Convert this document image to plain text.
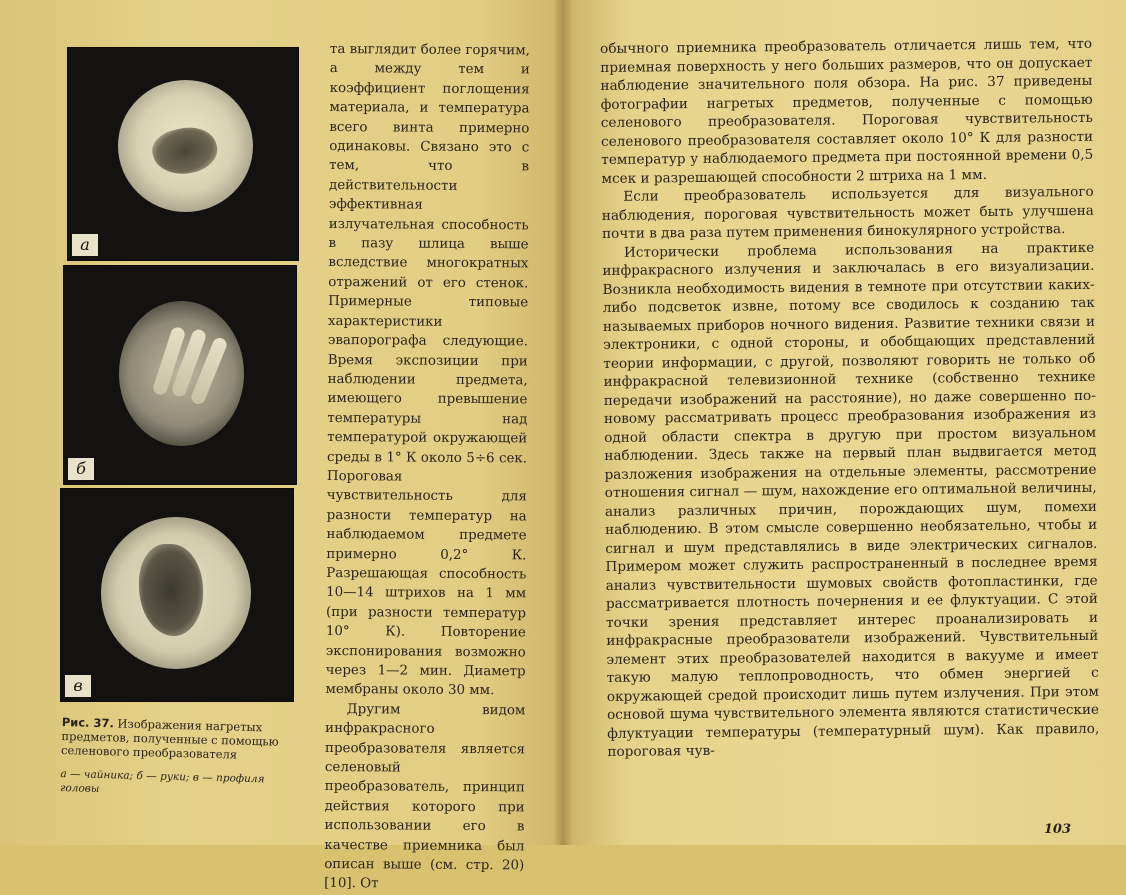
а
б
в
Рис. 37. Изображения нагретых предметов, полученные с помощью селенового преобразователя
а — чайника; б — руки; в — профиля головы

та выглядит более горячим, а между тем и коэффициент поглощения материала, и температура всего винта примерно одинаковы. Связано это с тем, что в действительности эффективная излучательная способность в пазу шлица выше вследствие многократных отражений от его стенок. Примерные типовые характеристики эвапорографа следующие. Время экспозиции при наблюдении предмета, имеющего превышение температуры над температурой окружающей среды в 1° К около 5÷6 сек. Пороговая чувствительность для разности температур на наблюдаемом предмете примерно 0,2° К. Разрешающая способность 10—14 штрихов на 1 мм (при разности температур 10° К). Повторение экспонирования возможно через 1—2 мин. Диаметр мембраны около 30 мм.

Другим видом инфракрасного преобразователя является селеновый преобразователь, принцип действия которого при использовании его в качестве приемника был описан выше (см. стр. 20) [10]. От

обычного приемника преобразователь отличается лишь тем, что приемная поверхность у него больших размеров, что он допускает наблюдение значительного поля обзора. На рис. 37 приведены фотографии нагретых предметов, полученные с помощью селенового преобразователя. Пороговая чувствительность селенового преобразователя составляет около 10° К для разности температур у наблюдаемого предмета при постоянной времени 0,5 мсек и разрешающей способности 2 штриха на 1 мм.

Если преобразователь используется для визуального наблюдения, пороговая чувствительность может быть улучшена почти в два раза путем применения бинокулярного устройства.

Исторически проблема использования на практике инфракрасного излучения и заключалась в его визуализации. Возникла необходимость видения в темноте при отсутствии каких-либо подсветок извне, потому все сводилось к созданию так называемых приборов ночного видения. Развитие техники связи и электроники, с одной стороны, и обобщающих представлений теории информации, с другой, позволяют говорить не только об инфракрасной телевизионной технике (собственно технике передачи изображений на расстояние), но даже совершенно по-новому рассматривать процесс преобразования изображения из одной области спектра в другую при простом визуальном наблюдении. Здесь также на первый план выдвигается метод разложения изображения на отдельные элементы, рассмотрение отношения сигнал — шум, нахождение его оптимальной величины, анализ различных причин, порождающих шум, помехи наблюдению. В этом смысле совершенно необязательно, чтобы и сигнал и шум представлялись в виде электрических сигналов. Примером может служить распространенный в последнее время анализ чувствительности шумовых свойств фотопластинки, где рассматривается плотность почернения и ее флуктуации. С этой точки зрения представляет интерес проанализировать и инфракрасные преобразователи изображений. Чувствительный элемент этих преобразователей находится в вакууме и имеет такую малую теплопроводность, что обмен энергией с окружающей средой происходит лишь путем излучения. При этом основой шума чувствительного элемента являются статистические флуктуации температуры (температурный шум). Как правило, пороговая чув-

103
